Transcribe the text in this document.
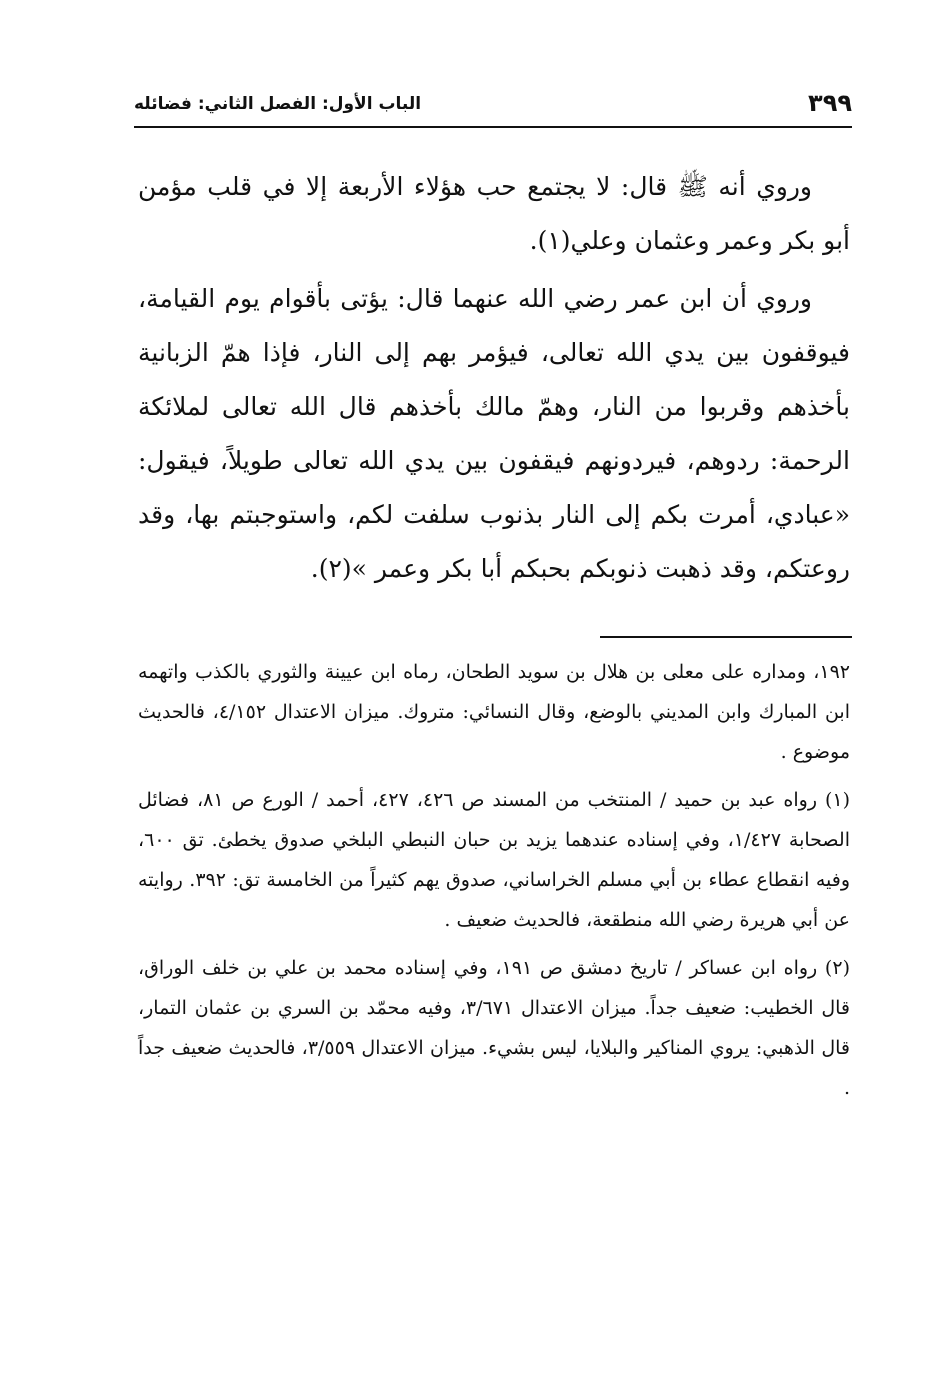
٣٩٩
الباب الأول: الفصل الثاني: فضائله

وروي أنه ﷺ قال: لا يجتمع حب هؤلاء الأربعة إلا في قلب مؤمن أبو بكر وعمر وعثمان وعلي(١).

وروي أن ابن عمر رضي الله عنهما قال: يؤتى بأقوام يوم القيامة، فيوقفون بين يدي الله تعالى، فيؤمر بهم إلى النار، فإذا همّ الزبانية بأخذهم وقربوا من النار، وهمّ مالك بأخذهم قال الله تعالى لملائكة الرحمة: ردوهم، فيردونهم فيقفون بين يدي الله تعالى طويلاً، فيقول: «عبادي، أمرت بكم إلى النار بذنوب سلفت لكم، واستوجبتم بها، وقد روعتكم، وقد ذهبت ذنوبكم بحبكم أبا بكر وعمر »(٢).

١٩٢، ومداره على معلى بن هلال بن سويد الطحان، رماه ابن عيينة والثوري بالكذب واتهمه ابن المبارك وابن المديني بالوضع، وقال النسائي: متروك. ميزان الاعتدال ٤/١٥٢، فالحديث موضوع .

(١) رواه عبد بن حميد / المنتخب من المسند ص ٤٢٦، ٤٢٧، أحمد / الورع ص ٨١، فضائل الصحابة ١/٤٢٧، وفي إسناده عندهما يزيد بن حبان النبطي البلخي صدوق يخطئ. تق ٦٠٠، وفيه انقطاع عطاء بن أبي مسلم الخراساني، صدوق يهم كثيراً من الخامسة تق: ٣٩٢. روايته عن أبي هريرة رضي الله منطقعة، فالحديث ضعيف .

(٢) رواه ابن عساكر / تاريخ دمشق ص ١٩١، وفي إسناده محمد بن علي بن خلف الوراق، قال الخطيب: ضعيف جداً. ميزان الاعتدال ٣/٦٧١، وفيه محمّد بن السري بن عثمان التمار، قال الذهبي: يروي المناكير والبلايا، ليس بشيء. ميزان الاعتدال ٣/٥٥٩، فالحديث ضعيف جداً .
